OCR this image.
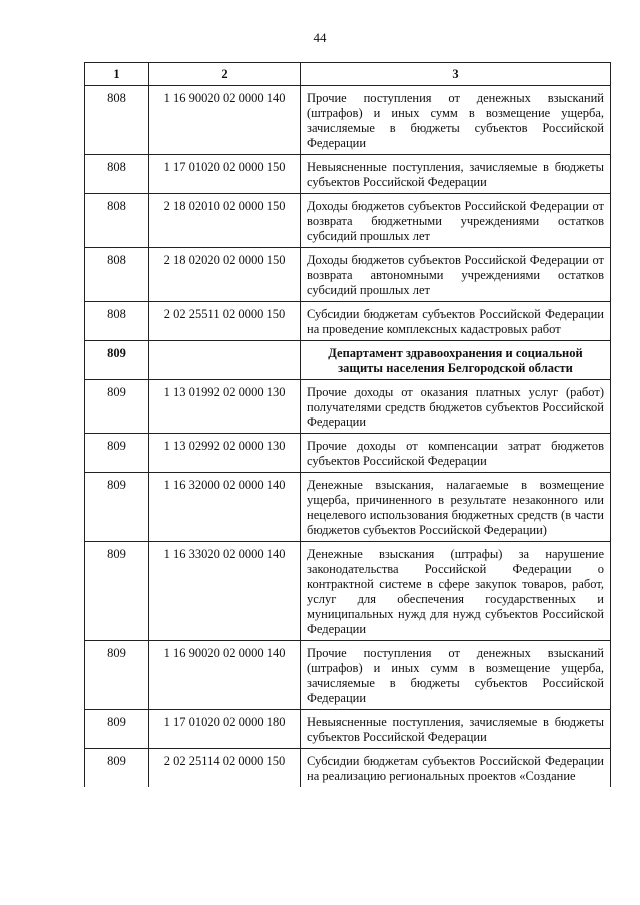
44
1	2	3
808	1 16 90020 02 0000 140	Прочие поступления от денежных взысканий (штрафов) и иных сумм в возмещение ущерба, зачисляемые в бюджеты субъектов Российской Федерации
808	1 17 01020 02 0000 150	Невыясненные поступления, зачисляемые в бюджеты субъектов Российской Федерации
808	2 18 02010 02 0000 150	Доходы бюджетов субъектов Российской Федерации от возврата бюджетными учреждениями остатков субсидий прошлых лет
808	2 18 02020 02 0000 150	Доходы бюджетов субъектов Российской Федерации от возврата автономными учреждениями остатков субсидий прошлых лет
808	2 02 25511 02 0000 150	Субсидии бюджетам субъектов Российской Федерации на проведение комплексных кадастровых работ
809		Департамент здравоохранения и социальной защиты населения Белгородской области
809	1 13 01992 02 0000 130	Прочие доходы от оказания платных услуг (работ) получателями средств бюджетов субъектов Российской Федерации
809	1 13 02992 02 0000 130	Прочие доходы от компенсации затрат бюджетов субъектов Российской Федерации
809	1 16 32000 02 0000 140	Денежные взыскания, налагаемые в возмещение ущерба, причиненного в результате незаконного или нецелевого использования бюджетных средств (в части бюджетов субъектов Российской Федерации)
809	1 16 33020 02 0000 140	Денежные взыскания (штрафы) за нарушение законодательства Российской Федерации о контрактной системе в сфере закупок товаров, работ, услуг для обеспечения государственных и муниципальных нужд для нужд субъектов Российской Федерации
809	1 16 90020 02 0000 140	Прочие поступления от денежных взысканий (штрафов) и иных сумм в возмещение ущерба, зачисляемые в бюджеты субъектов Российской Федерации
809	1 17 01020 02 0000 180	Невыясненные поступления, зачисляемые в бюджеты субъектов Российской Федерации
809	2 02 25114 02 0000 150	Субсидии бюджетам субъектов Российской Федерации на реализацию региональных проектов «Создание
